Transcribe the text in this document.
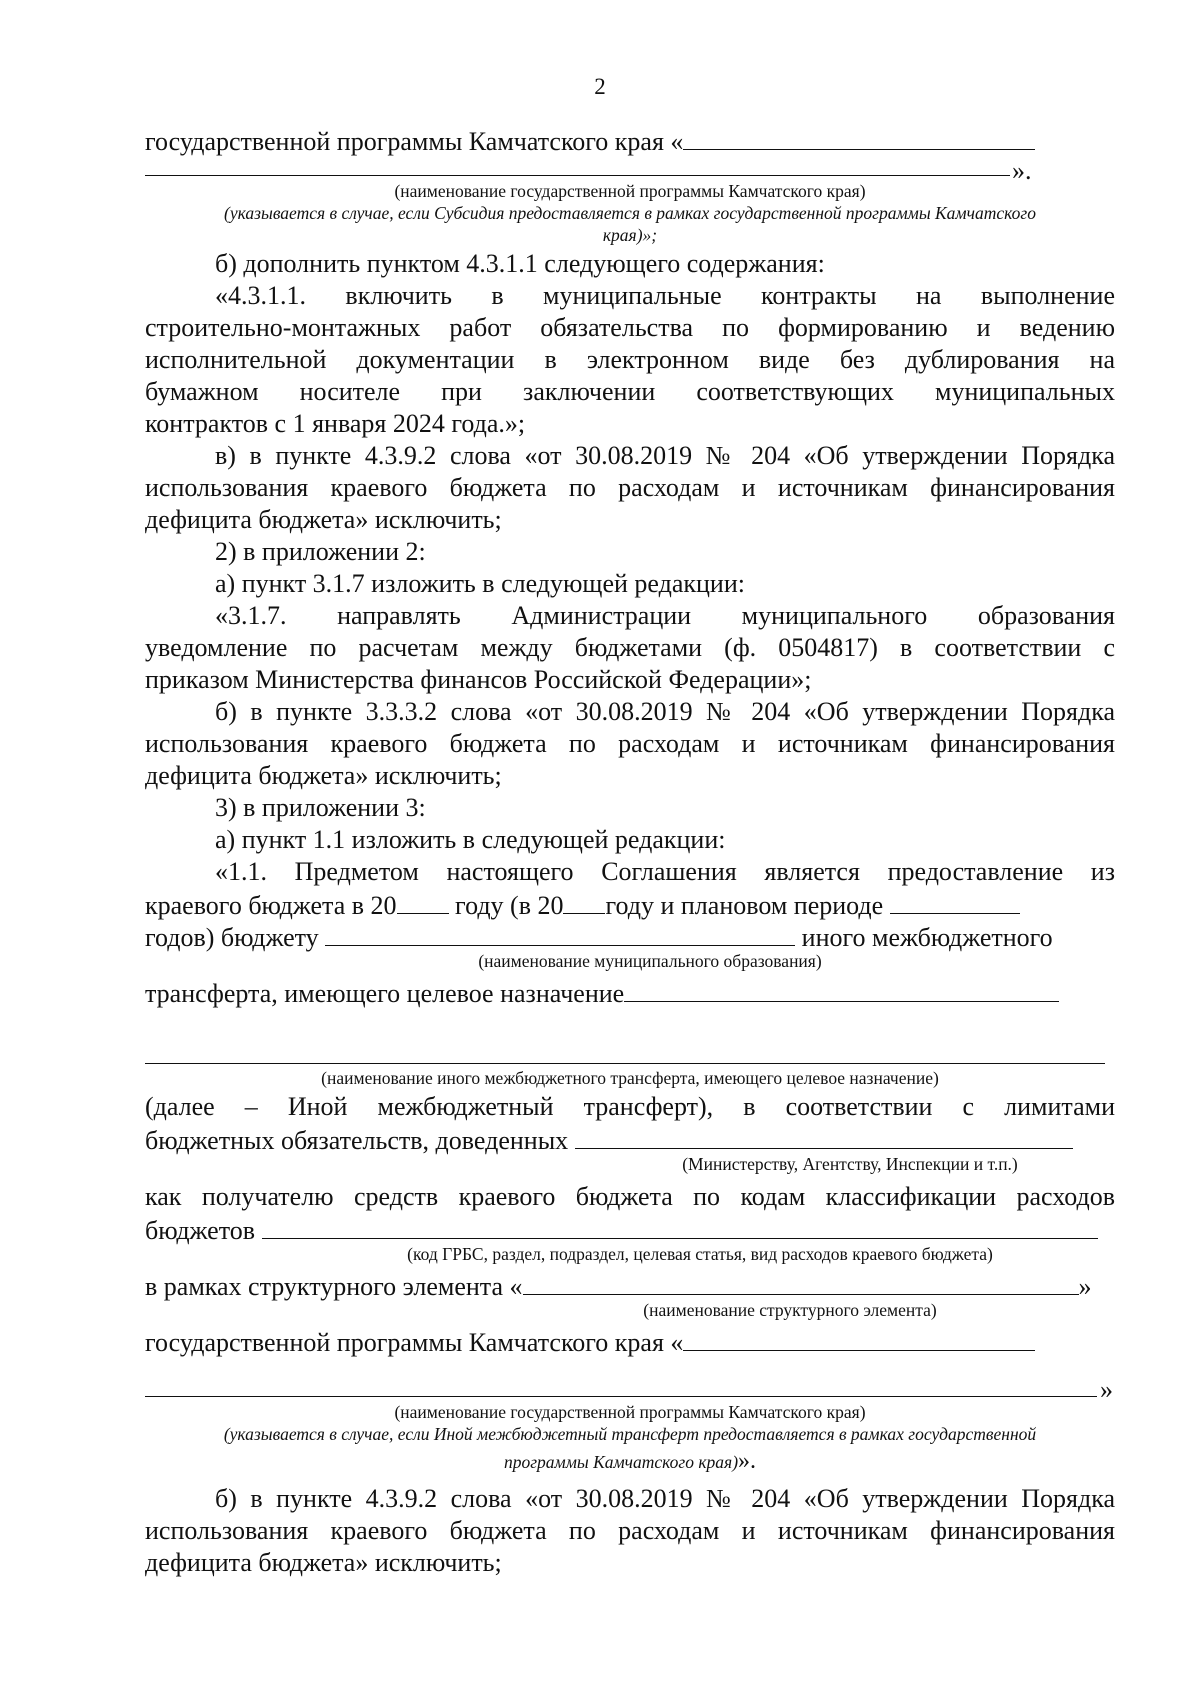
2
государственной программы Камчатского края «
».
(наименование государственной программы Камчатского края)
(указывается в случае, если Субсидия предоставляется в рамках государственной программы Камчатского
края)»;
б) дополнить пунктом 4.3.1.1 следующего содержания:
«4.3.1.1. включить в муниципальные контракты на выполнение
строительно-монтажных работ обязательства по формированию и ведению
исполнительной документации в электронном виде без дублирования на
бумажном носителе при заключении соответствующих муниципальных
контрактов с 1 января 2024 года.»;
в) в пункте 4.3.9.2 слова «от 30.08.2019 № 204 «Об утверждении Порядка
использования краевого бюджета по расходам и источникам финансирования
дефицита бюджета» исключить;
2) в приложении 2:
а) пункт 3.1.7 изложить в следующей редакции:
«3.1.7. направлять Администрации муниципального образования
уведомление по расчетам между бюджетами (ф. 0504817) в соответствии с
приказом Министерства финансов Российской Федерации»;
б) в пункте 3.3.3.2 слова «от 30.08.2019 № 204 «Об утверждении Порядка
использования краевого бюджета по расходам и источникам финансирования
дефицита бюджета» исключить;
3) в приложении 3:
а) пункт 1.1 изложить в следующей редакции:
«1.1. Предметом настоящего Соглашения является предоставление из
краевого бюджета в 20 году (в 20 году и плановом периоде
годов) бюджету	иного межбюджетного
(наименование муниципального образования)
трансферта, имеющего целевое назначение
(наименование иного межбюджетного трансферта, имеющего целевое назначение)
(далее – Иной межбюджетный трансферт), в соответствии с лимитами
бюджетных обязательств, доведенных
(Министерству, Агентству, Инспекции и т.п.)
как получателю средств краевого бюджета по кодам классификации расходов
бюджетов
(код ГРБС, раздел, подраздел, целевая статья, вид расходов краевого бюджета)
в рамках структурного элемента «	»
(наименование структурного элемента)
государственной программы Камчатского края «
»
(наименование государственной программы Камчатского края)
(указывается в случае, если Иной межбюджетный трансферт предоставляется в рамках государственной
программы Камчатского края)».
б) в пункте 4.3.9.2 слова «от 30.08.2019 № 204 «Об утверждении Порядка
использования краевого бюджета по расходам и источникам финансирования
дефицита бюджета» исключить;
